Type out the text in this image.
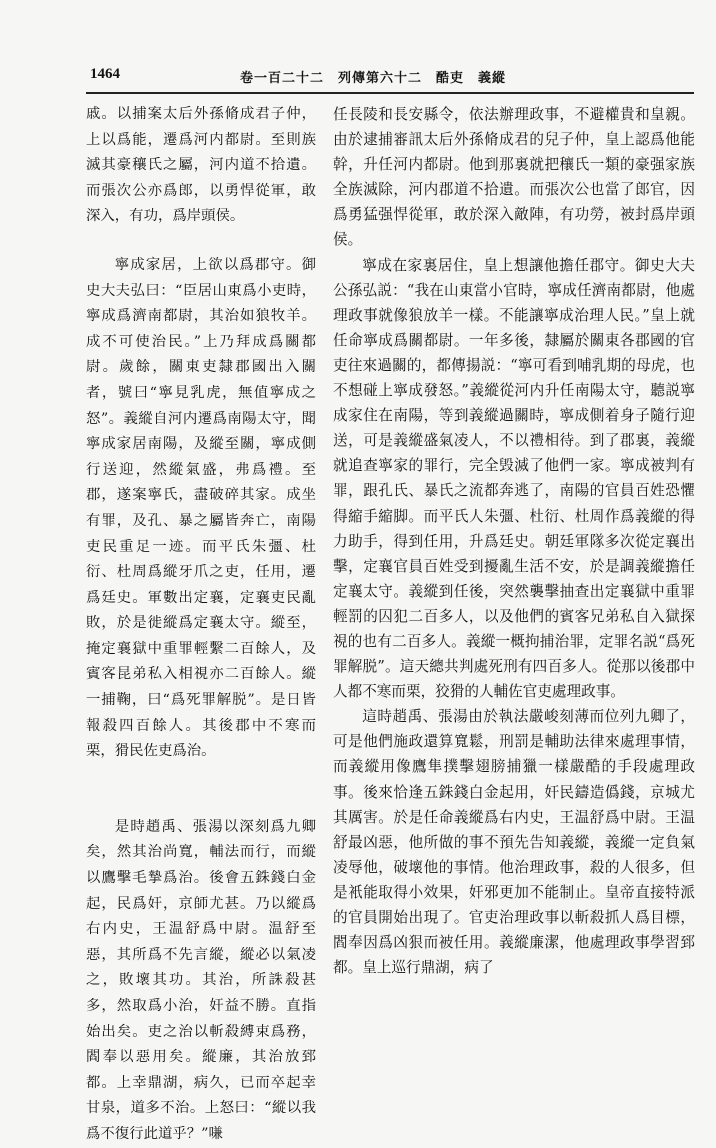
1464	卷一百二十二　列傳第六十二　酷吏　義縱

戚。以捕案太后外孫脩成君子仲，上以爲能，遷爲河内都尉。至則族滅其豪穰氏之屬，河内道不拾遺。而張次公亦爲郎，以勇悍從軍，敢深入，有功，爲岸頭侯。

寧成家居，上欲以爲郡守。御史大夫弘曰：“臣居山東爲小吏時，寧成爲濟南都尉，其治如狼牧羊。成不可使治民。”上乃拜成爲關都尉。歲餘，關東吏隸郡國出入關者，號曰“寧見乳虎，無值寧成之怒”。義縱自河内遷爲南陽太守，聞寧成家居南陽，及縱至關，寧成側行送迎，然縱氣盛，弗爲禮。至郡，遂案寧氏，盡破碎其家。成坐有罪，及孔、暴之屬皆奔亡，南陽吏民重足一迹。而平氏朱彊、杜衍、杜周爲縱牙爪之吏，任用，遷爲廷史。軍數出定襄，定襄吏民亂敗，於是徙縱爲定襄太守。縱至，掩定襄獄中重罪輕繫二百餘人，及賓客昆弟私入相視亦二百餘人。縱一捕鞠，曰“爲死罪解脱”。是日皆報殺四百餘人。其後郡中不寒而栗，猾民佐吏爲治。

是時趙禹、張湯以深刻爲九卿矣，然其治尚寬，輔法而行，而縱以鷹擊毛摯爲治。後會五銖錢白金起，民爲奸，京師尤甚。乃以縱爲右内史，王温舒爲中尉。温舒至惡，其所爲不先言縱，縱必以氣凌之，敗壞其功。其治，所誅殺甚多，然取爲小治，奸益不勝。直指始出矣。吏之治以斬殺縛束爲務，閻奉以惡用矣。縱廉，其治放郅都。上幸鼎湖，病久，已而卒起幸甘泉，道多不治。上怒曰：“縱以我爲不復行此道乎？”嗛

任長陵和長安縣令，依法辦理政事，不避權貴和皇親。由於逮捕審訊太后外孫脩成君的兒子仲，皇上認爲他能幹，升任河内都尉。他到那裏就把穰氏一類的豪强家族全族滅除，河内郡道不拾遺。而張次公也當了郎官，因爲勇猛强悍從軍，敢於深入敵陣，有功勞，被封爲岸頭侯。

寧成在家裏居住，皇上想讓他擔任郡守。御史大夫公孫弘説：“我在山東當小官時，寧成任濟南都尉，他處理政事就像狼放羊一樣。不能讓寧成治理人民。”皇上就任命寧成爲關都尉。一年多後，隸屬於關東各郡國的官吏往來過關的，都傳揚説：“寧可看到哺乳期的母虎，也不想碰上寧成發怒。”義縱從河内升任南陽太守，聽説寧成家住在南陽，等到義縱過關時，寧成側着身子隨行迎送，可是義縱盛氣凌人，不以禮相待。到了郡裏，義縱就追查寧家的罪行，完全毁滅了他們一家。寧成被判有罪，跟孔氏、暴氏之流都奔逃了，南陽的官員百姓恐懼得縮手縮脚。而平氏人朱彊、杜衍、杜周作爲義縱的得力助手，得到任用，升爲廷史。朝廷軍隊多次從定襄出擊，定襄官員百姓受到擾亂生活不安，於是調義縱擔任定襄太守。義縱到任後，突然襲擊抽查出定襄獄中重罪輕罰的囚犯二百多人，以及他們的賓客兄弟私自入獄探視的也有二百多人。義縱一概拘捕治罪，定罪名説“爲死罪解脱”。這天總共判處死刑有四百多人。從那以後郡中人都不寒而栗，狡猾的人輔佐官吏處理政事。

這時趙禹、張湯由於執法嚴峻刻薄而位列九卿了，可是他們施政還算寬鬆，刑罰是輔助法律來處理事情，而義縱用像鷹隼撲擊翅膀捕獵一樣嚴酷的手段處理政事。後來恰逢五銖錢白金起用，奸民鑄造僞錢，京城尤其厲害。於是任命義縱爲右内史，王温舒爲中尉。王温舒最凶惡，他所做的事不預先告知義縱，義縱一定負氣凌辱他，破壞他的事情。他治理政事，殺的人很多，但是衹能取得小效果，奸邪更加不能制止。皇帝直接特派的官員開始出現了。官吏治理政事以斬殺抓人爲目標，閻奉因爲凶狠而被任用。義縱廉潔，他處理政事學習郅都。皇上巡行鼎湖，病了
